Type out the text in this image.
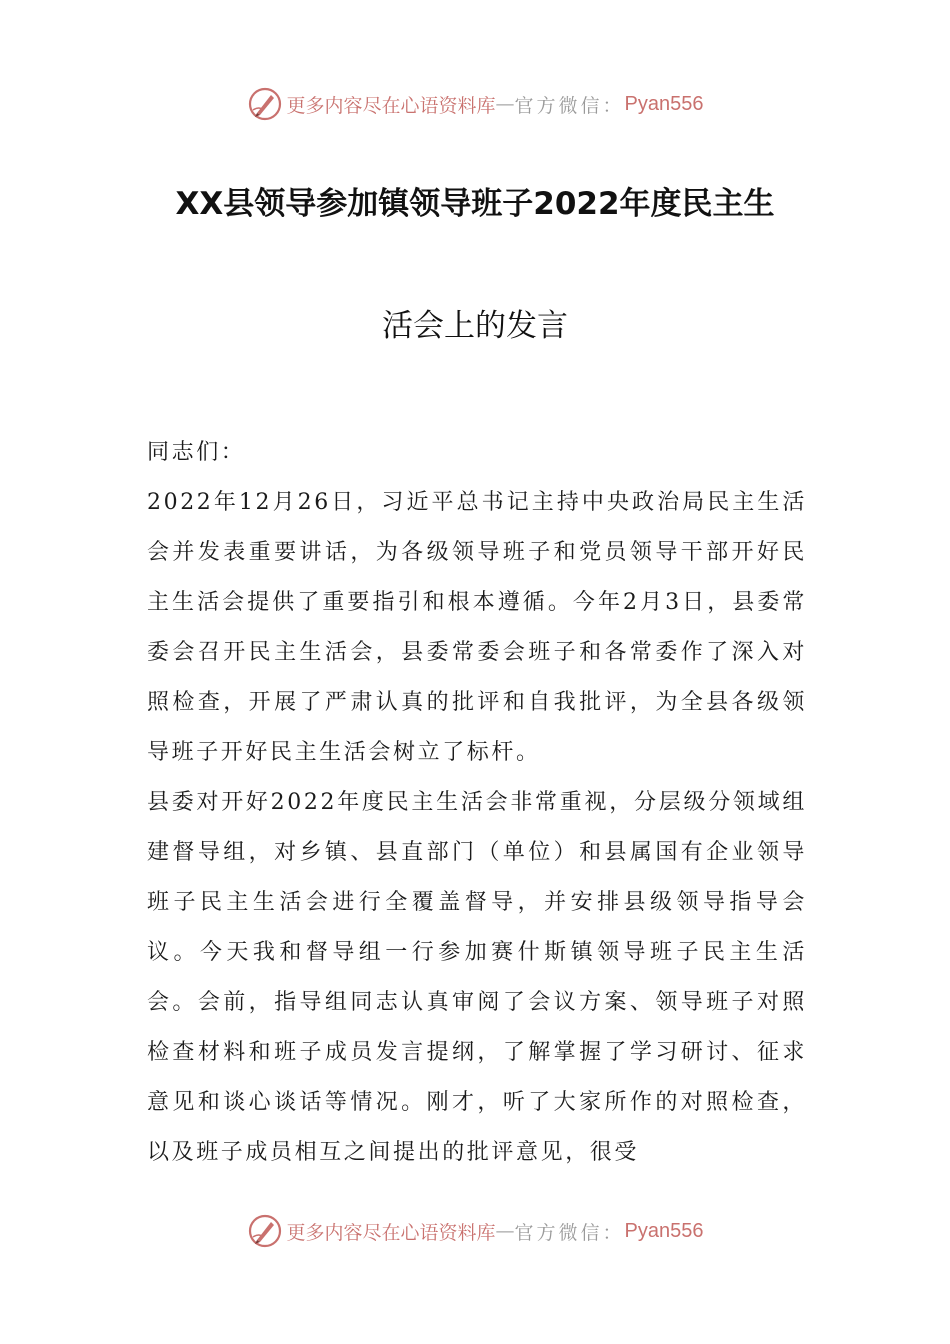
更多内容尽在心语资料库 — 官方微信： Pyan556
XX县领导参加镇领导班子2022年度民主生
活会上的发言

同志们：

2022年12月26日，习近平总书记主持中央政治局民主生活会并发表重要讲话，为各级领导班子和党员领导干部开好民主生活会提供了重要指引和根本遵循。今年2月3日，县委常委会召开民主生活会，县委常委会班子和各常委作了深入对照检查，开展了严肃认真的批评和自我批评，为全县各级领导班子开好民主生活会树立了标杆。

县委对开好2022年度民主生活会非常重视，分层级分领域组建督导组，对乡镇、县直部门（单位）和县属国有企业领导班子民主生活会进行全覆盖督导，并安排县级领导指导会议。今天我和督导组一行参加赛什斯镇领导班子民主生活会。会前，指导组同志认真审阅了会议方案、领导班子对照检查材料和班子成员发言提纲，了解掌握了学习研讨、征求意见和谈心谈话等情况。刚才，听了大家所作的对照检查，以及班子成员相互之间提出的批评意见，很受

更多内容尽在心语资料库 — 官方微信： Pyan556
